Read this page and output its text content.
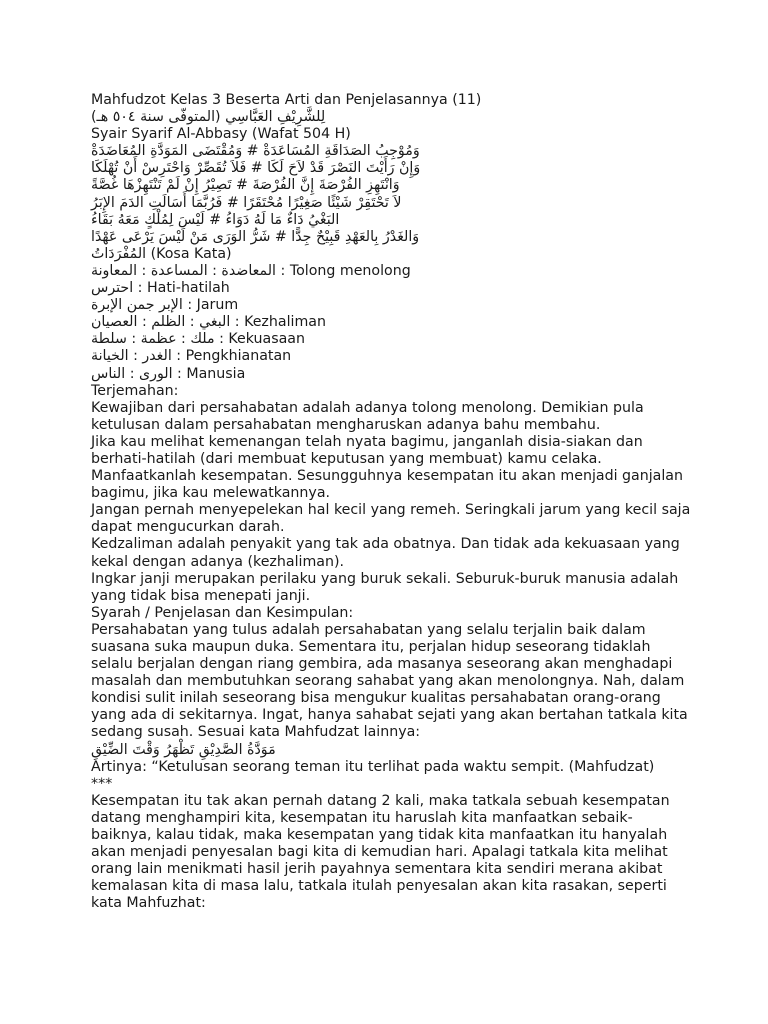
Mahfudzot Kelas 3 Beserta Arti dan Penjelasannya (11)
لِلشَّرِيْفِ العَبَّاسِي (المتوفّى سنة ٥٠٤ هـ)
Syair Syarif Al-Abbasy (Wafat 504 H)
وَمُوْجِبُ الصَدَاقَةِ المُسَاعَدَةْ # وَمُقْتَضَى المَوَدَّةِ المُعَاضَدَةْ
وَإِنْ رَأَيْتَ النَصْرَ قَدْ لاَحَ لَكَا # فَلاَ تُقَصِّرْ وَاحْتَرِسْ أَنْ تُهْلَكَا
وَانْتَهِزِ الفُرْصَةَ إِنَّ الفُرْصَةَ # تَصِيْرُ إِنْ لَمْ تَنْتَهِزْهَا غُصَّةً
لاَ تَحْتَقِرْ شَيْئًا صَغِيْرًا مُحْتَقَرًا # فَرُبَّمَا أَسَالَتِ الدَمَ الإِبَرُ
البَغْيُ دَاءٌ مَا لَهُ دَوَاءُ # لَيْسَ لِمُلْكٍ مَعَهُ بَقَاءُ
وَالغَدْرُ بِالعَهْدِ قَبِيْحٌ جِدًّا # شَرُّ الوَرَى مَنْ لَيْسَ يَرْعَى عَهْدًا
المُفْرَدَاتُ (Kosa Kata)
المعاضدة : المساعدة : المعاونة : Tolong menolong
احترس : Hati-hatilah
الإبر جمن الإبرة : Jarum
البغي : الظلم : العصيان : Kezhaliman
ملك : عظمة : سلطة : Kekuasaan
الغدر : الخيانة : Pengkhianatan
الورى : الناس : Manusia
Terjemahan:
Kewajiban dari persahabatan adalah adanya tolong menolong. Demikian pula ketulusan dalam persahabatan mengharuskan adanya bahu membahu.
Jika kau melihat kemenangan telah nyata bagimu, janganlah disia-siakan dan berhati-hatilah (dari membuat keputusan yang membuat) kamu celaka.
Manfaatkanlah kesempatan. Sesungguhnya kesempatan itu akan menjadi ganjalan bagimu, jika kau melewatkannya.
Jangan pernah menyepelekan hal kecil yang remeh. Seringkali jarum yang kecil saja dapat mengucurkan darah.
Kedzaliman adalah penyakit yang tak ada obatnya. Dan tidak ada kekuasaan yang kekal dengan adanya (kezhaliman).
Ingkar janji merupakan perilaku yang buruk sekali. Seburuk-buruk manusia adalah yang tidak bisa menepati janji.
Syarah / Penjelasan dan Kesimpulan:
Persahabatan yang tulus adalah persahabatan yang selalu terjalin baik dalam suasana suka maupun duka. Sementara itu, perjalan hidup seseorang tidaklah selalu berjalan dengan riang gembira, ada masanya seseorang akan menghadapi masalah dan membutuhkan seorang sahabat yang akan menolongnya. Nah, dalam kondisi sulit inilah seseorang bisa mengukur kualitas persahabatan orang-orang yang ada di sekitarnya. Ingat, hanya sahabat sejati yang akan bertahan tatkala kita sedang susah. Sesuai kata Mahfudzat lainnya:
مَوَدَّةُ الصَّدِيْقِ تَظْهَرُ وَقْتَ الضِّيْقِ
Artinya: “Ketulusan seorang teman itu terlihat pada waktu sempit. (Mahfudzat)
***
Kesempatan itu tak akan pernah datang 2 kali, maka tatkala sebuah kesempatan datang menghampiri kita, kesempatan itu haruslah kita manfaatkan sebaik-baiknya, kalau tidak, maka kesempatan yang tidak kita manfaatkan itu hanyalah akan menjadi penyesalan bagi kita di kemudian hari. Apalagi tatkala kita melihat orang lain menikmati hasil jerih payahnya sementara kita sendiri merana akibat kemalasan kita di masa lalu, tatkala itulah penyesalan akan kita rasakan, seperti kata Mahfuzhat:
